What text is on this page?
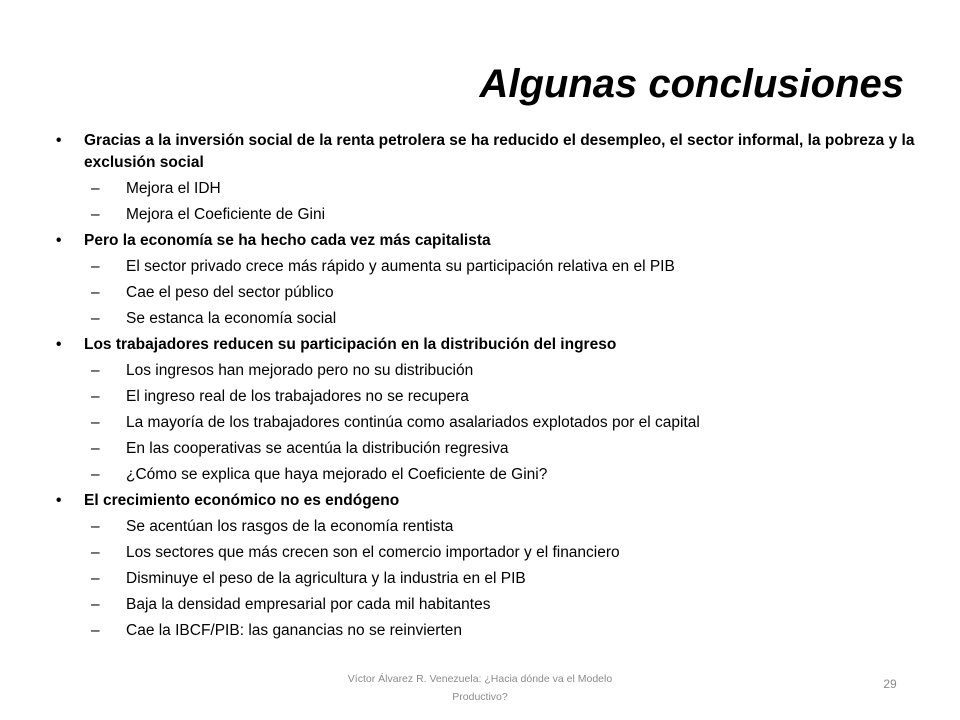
Algunas conclusiones
•	Gracias a la inversión social de la renta petrolera se ha reducido el desempleo, el sector informal, la pobreza y la exclusión social
–	Mejora el IDH
–	Mejora el Coeficiente de Gini
•	Pero la economía se ha hecho cada vez más capitalista
–	El sector privado crece más rápido y aumenta su participación relativa en el PIB
–	Cae el peso del sector público
–	Se estanca la economía social
•	Los trabajadores reducen su participación en la distribución del ingreso
–	Los ingresos han mejorado pero no su distribución
–	El ingreso real de los trabajadores no se recupera
–	La mayoría de los trabajadores continúa como asalariados explotados por el capital
–	En las cooperativas se acentúa la distribución regresiva
–	¿Cómo se explica que haya mejorado el Coeficiente de Gini?
•	El crecimiento económico no es endógeno
–	Se acentúan los rasgos de la economía rentista
–	Los sectores que más crecen son el comercio importador y el financiero
–	Disminuye el peso de la agricultura y la industria en el PIB
–	Baja la densidad empresarial por cada mil habitantes
–	Cae la IBCF/PIB: las ganancias no se reinvierten
Víctor Álvarez R. Venezuela: ¿Hacia dónde va el Modelo Productivo?
29
